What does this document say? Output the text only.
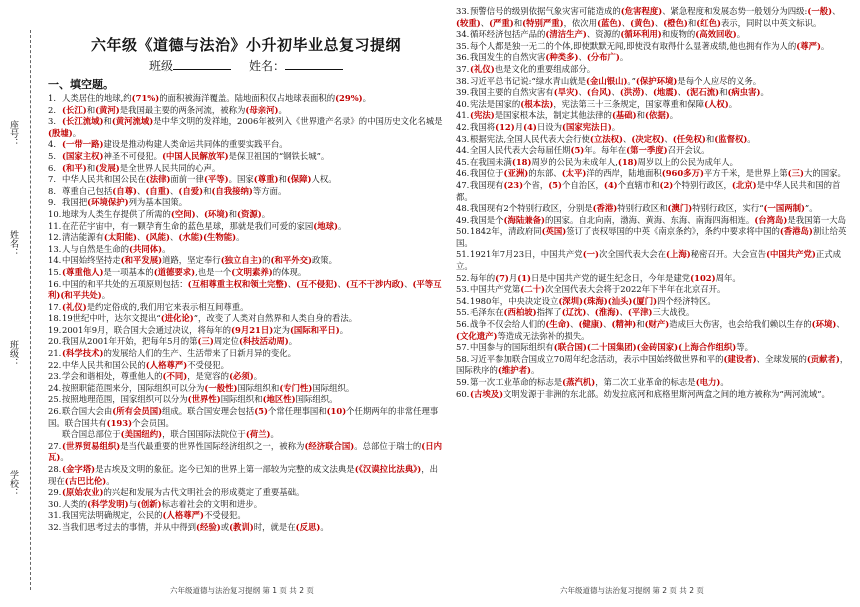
座号：
姓名：
班级：
学校：
六年级《道德与法治》小升初毕业总复习提纲
班级	姓名：
一、填空题。
1. 人类居住的地球,约(71%)的面积被海洋覆盖。陆地面积仅占地球表面积的(29%)。
2. (长江)和(黄河)是我国最主要的两条河流，被称为(母亲河)。
3. (长江流域)和(黄河流域)是中华文明的发祥地，2006年被列入《世界遗产名录》的中国历史文化名城是(殷墟)。
4. (一带一路)建设是推动构建人类命运共同体的重要实践平台。
5. (国家主权)神圣不可侵犯。(中国人民解放军)是保卫祖国的“钢铁长城”。
6. (和平)和(发展)是全世界人民共同的心声。
7. 中华人民共和国公民在(法律)面前一律(平等)。国家(尊重)和(保障)人权。
8. 尊重自己包括(自尊)、(自重)、(自爱)和(自我接纳)等方面。
9. 我国把(环境保护)列为基本国策。
10.地球为人类生存提供了所需的(空间)、(环境)和(资源)。
11.在茫茫宇宙中，有一颗孕育生命的蓝色星球，那就是我们可爱的家园(地球)。
12.清洁能源有(太阳能)、(风能)、(水能)(生物能)。
13.人与自然是生命的(共同体)。
14.中国始终坚持走(和平发展)道路，坚定奉行(独立自主)的(和平外交)政策。
15.(尊重他人)是一项基本的(道德要求),也是一个(文明素养)的体现。
16.中国的和平共处的五项原则包括：(互相尊重主权和领土完整)、(互不侵犯)、(互不干涉内政)、(平等互利)(和平共处)。
17.(礼仪)是约定俗成的,我们用它来表示相互间尊重。
18.19世纪中叶，达尔文提出“(进化论)”，改变了人类对自然界和人类自身的看法。
19.2001年9月，联合国大会通过决议，将每年的(9月21日)定为(国际和平日)。
20.我国从2001年开始，把每年5月的第(三)周定位(科技活动周)。
21.(科学技术)的发展给人们的生产、生活带来了日新月异的变化。
22.中华人民共和国公民的(人格尊严)不受侵犯。
23.学会和谐相处，尊重他人的(不同)，是宽容的(必须)。
24.按照职能范围来分，国际组织可以分为(一般性)国际组织和(专门性)国际组织。
25.按照地理范围，国家组织可以分为(世界性)国际组织和(地区性)国际组织。
26.联合国大会由(所有会员国)组成。联合国安理会包括(5)个常任理事国和(10)个任期两年的非常任理事国。联合国共有(193)个会员国。
联合国总部位于(美国纽约)，联合国国际法院位于(荷兰)。
27.(世界贸易组织)是当代最重要的世界性国际经济组织之一，被称为(经济联合国)。总部位于瑞士的(日内瓦)。
28.(金字塔)是古埃及文明的象征。迄今已知的世界上第一部较为完整的成文法典是(《汉谟拉比法典》)，出现在(古巴比伦)。
29.(原始农业)的兴起和发展为古代文明社会的形成奠定了重要基础。
30.人类的(科学发明)与(创新)标志着社会的文明和进步。
31.我国宪法明确规定，公民的(人格尊严)不受侵犯。
32.当我们思考过去的事情，并从中得到(经验)或(教训)时，就是在(反思)。
33.预警信号的级别依据气象灾害可能造成的(危害程度)、紧急程度和发展态势一般划分为四级:(一般)、(较重)、(严重)和(特别严重)，依次用(蓝色)、(黄色)、(橙色)和(红色)表示，同时以中英文标识。
34.循环经济包括产品的(清洁生产)、资源的(循环利用)和废物的(高效回收)。
35.每个人都是独一无二的个体,即使默默无闻,即使没有取得什么显著成绩,他也拥有作为人的(尊严)。
36.我国发生的自然灾害(种类多)、(分布广)。
37.(礼仪)也是文化的重要组成部分。
38.习近平总书记说:“绿水青山就是(金山银山)。”(保护环境)是每个人应尽的义务。
39.我国主要的自然灾害有(旱灾)、(台风)、(洪涝)、(地震)、(泥石流)和(病虫害)。
40.宪法是国家的(根本法)，宪法第三十三条规定，国家尊重和保障(人权)。
41.(宪法)是国家根本法，制定其他法律的(基础)和(依据)。
42.我国将(12)月(4)日设为(国家宪法日)。
43.根据宪法,全国人民代表大会行使(立法权)、(决定权)、(任免权)和(监督权)。
44.全国人民代表大会每届任期(5)年。每年在(第一季度)召开会议。
45.在我国未满(18)周岁的公民为未成年人,(18)周岁以上的公民为成年人。
46.我国位于(亚洲)的东部、(太平)洋的西岸，陆地面积(960多万)平方千米，是世界上第(三)大的国家。
47.我国现有(23)个省，(5)个自治区，(4)个直辖市和(2)个特别行政区，(北京)是中华人民共和国的首都。
48.我国现有2个特别行政区，分别是(香港)特别行政区和(澳门)特别行政区，实行“(一国两制)”。
49.我国是个(海陆兼备)的国家。自北向南，渤海、黄海、东海、南海四海相连。(台湾岛)是我国第一大岛
50.1842年，清政府同(英国)签订了丧权辱国的中英《南京条约》，条约中要求将中国的(香港岛)割让给英国。
51.1921年7月23日，中国共产党(一)次全国代表大会在(上海)秘密召开。大会宣告(中国共产党)正式成立。
52.每年的(7)月(1)日是中国共产党的诞生纪念日，今年是建党(102)周年。
53.中国共产党第(二十)次全国代表大会将于2022年下半年在北京召开。
54.1980年，中央决定设立(深圳)(珠海)(汕头)(厦门)四个经济特区。
55.毛泽东在(西柏坡)指挥了(辽沈)、(淮海)、(平津)三大战役。
56.战争不仅会给人们的(生命)、(健康)、(精神)和(财产)造成巨大伤害，也会给我们赖以生存的(环境)、(文化遗产)等造成无法弥补的损失。
57.中国参与的国际组织有(联合国)(二十国集团)(金砖国家)(上海合作组织)等。
58.习近平参加联合国成立70周年纪念活动，表示中国始终做世界和平的(建设者)、全球发展的(贡献者)，国际秩序的(维护者)。
59.第一次工业革命的标志是(蒸汽机)，第二次工业革命的标志是(电力)。
60.(古埃及)文明发源于非洲的东北部。幼发拉底河和底格里斯河两盒之间的地方被称为“两河流域”。
六年级道德与法治复习提纲 第 1 页 共 2 页	六年级道德与法治复习提纲 第 2 页 共 2 页
